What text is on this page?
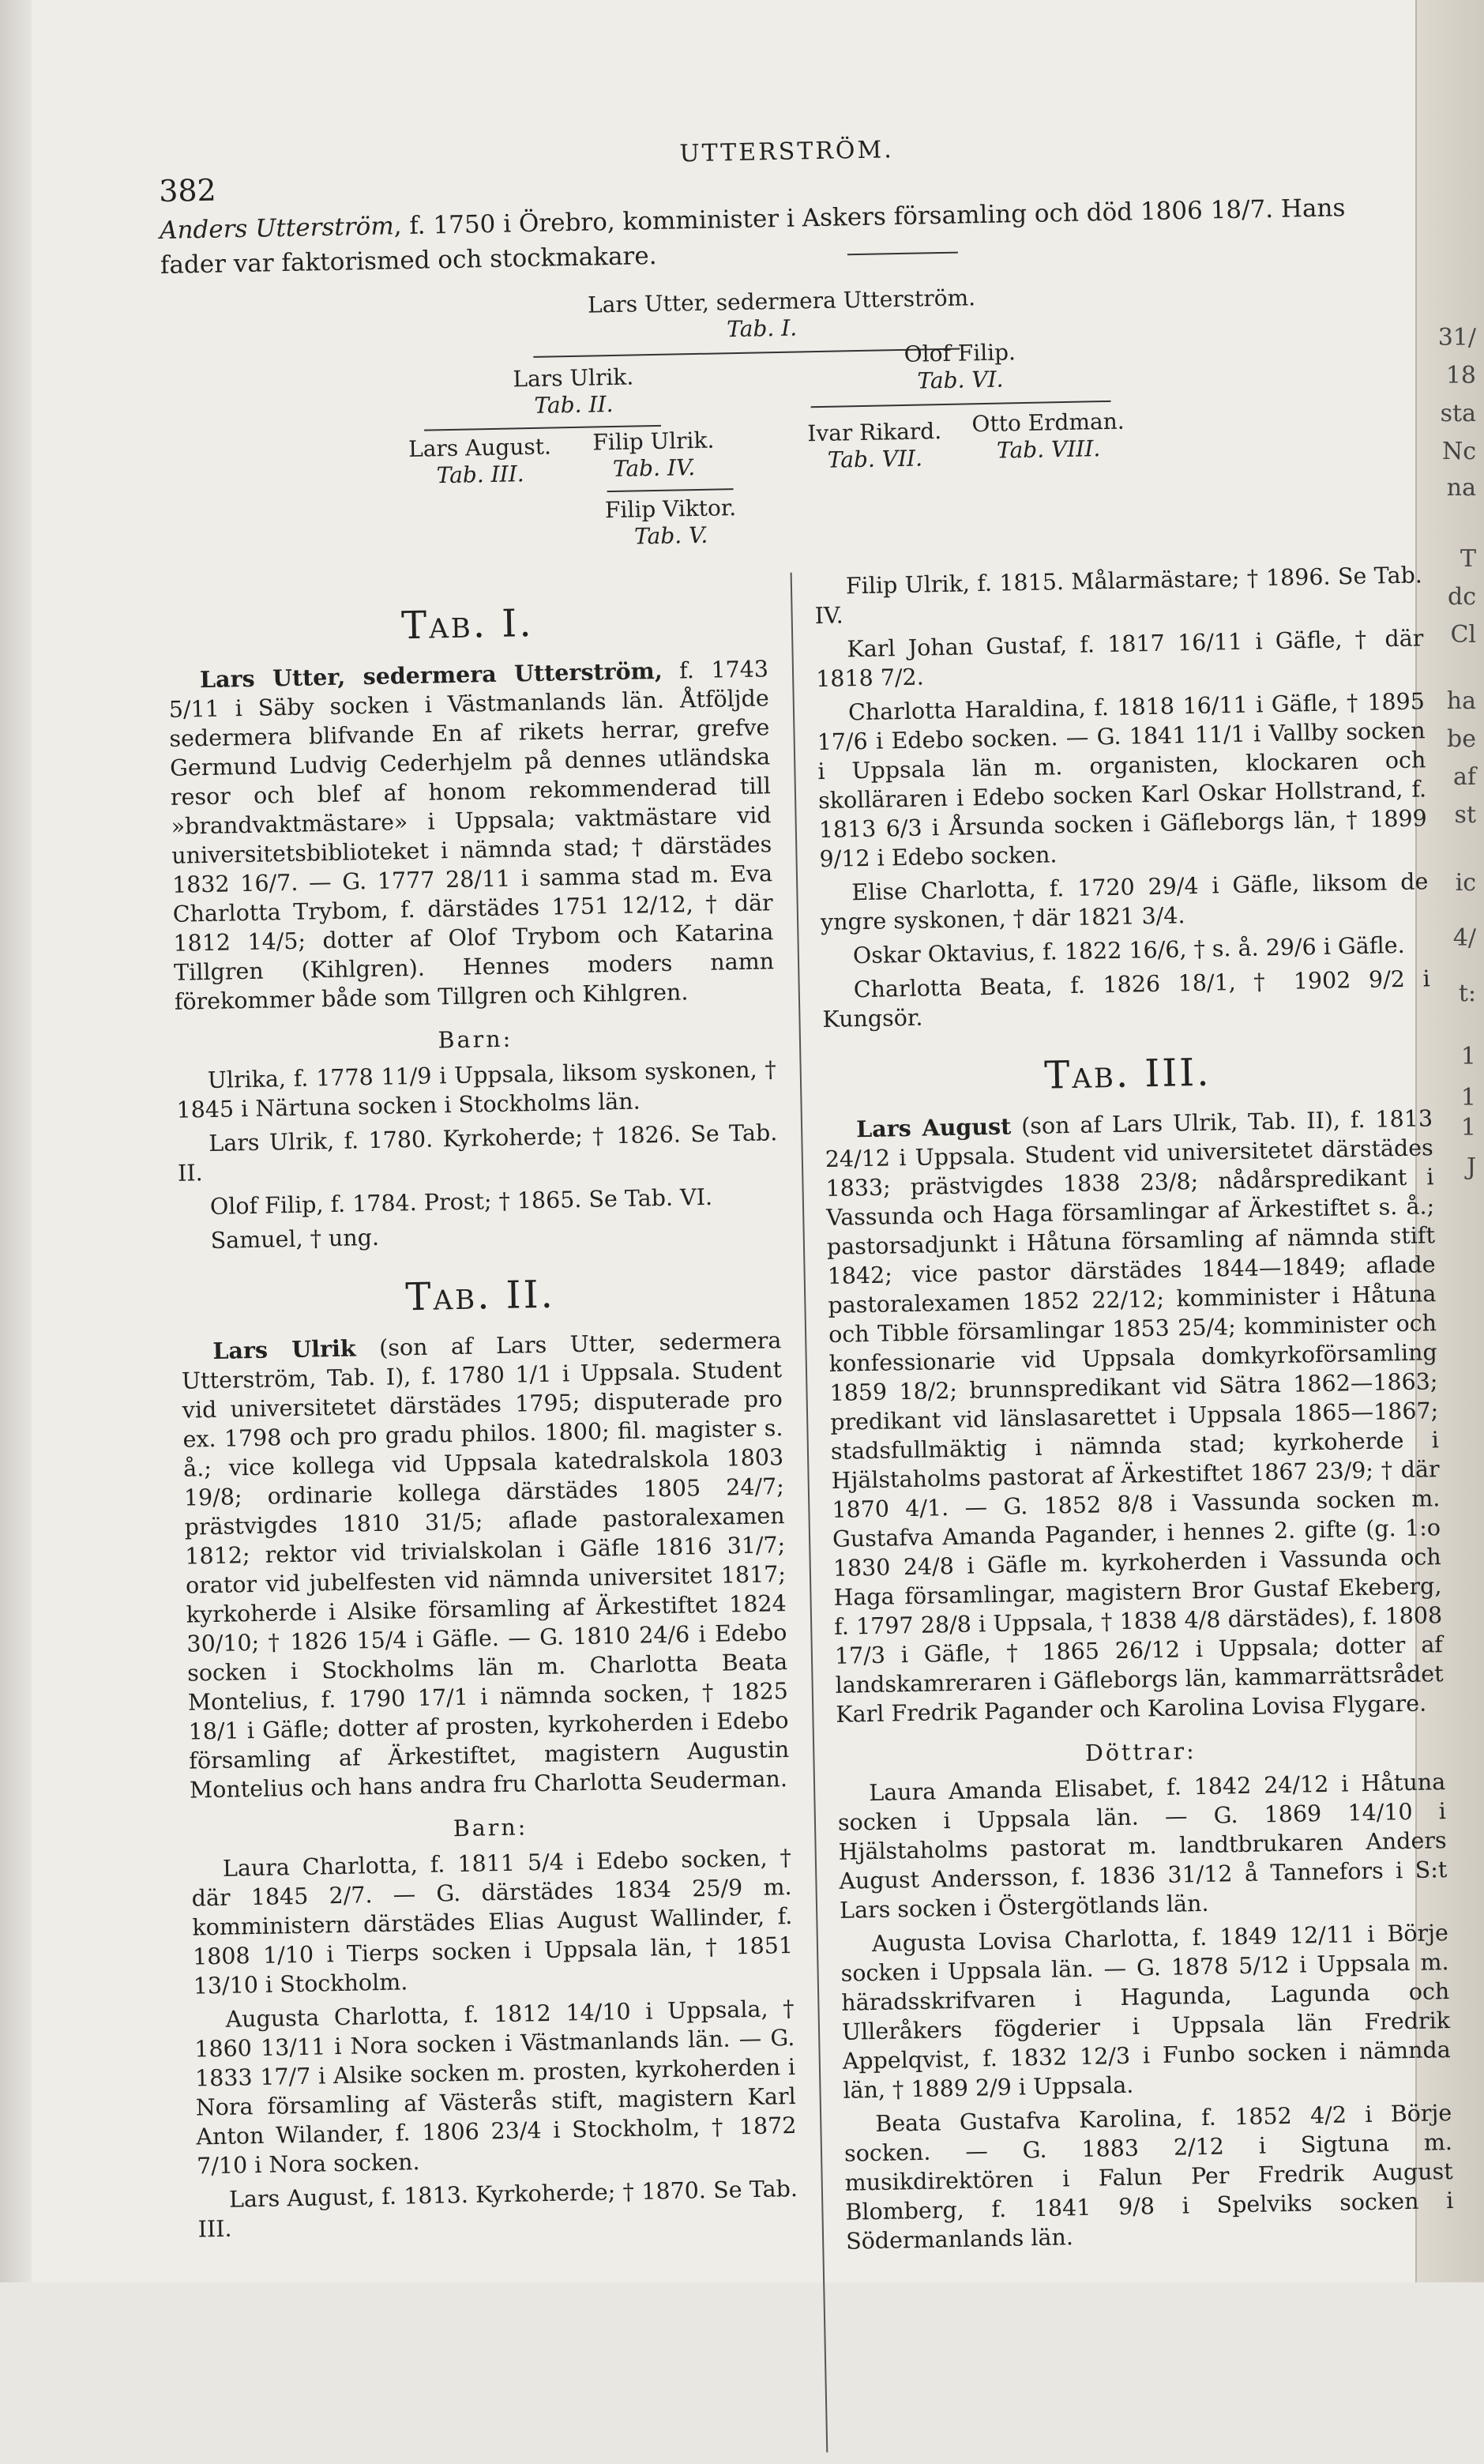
31/
18
sta
Nc
na
T
dc
Cl
ha
be
af
st
ic
4/
t:
1
1
1
J
382
UTTERSTRÖM.

Anders Utterström, f. 1750 i Örebro, komminister i Askers församling och död 1806 18/7. Hans fader var faktorismed och stockmakare.

Lars Utter, sedermera Utterström.
Tab. I.
Lars Ulrik.
Tab. II.
Olof Filip.
Tab. VI.
Lars August.
Tab. III.
Filip Ulrik.
Tab. IV.
Ivar Rikard.
Tab. VII.
Otto Erdman.
Tab. VIII.
Filip Viktor.
Tab. V.
Tab. I.

Lars Utter, sedermera Utterström, f. 1743 5/11 i Säby socken i Västmanlands län. Åtföljde sedermera blifvande En af rikets herrar, grefve Germund Ludvig Cederhjelm på dennes utländska resor och blef af honom rekommenderad till »brandvaktmästare» i Uppsala; vaktmästare vid universitetsbiblioteket i nämnda stad; † därstädes 1832 16/7. — G. 1777 28/11 i samma stad m. Eva Charlotta Trybom, f. därstädes 1751 12/12, † där 1812 14/5; dotter af Olof Trybom och Katarina Tillgren (Kihlgren). Hennes moders namn förekommer både som Tillgren och Kihlgren.

Barn:

Ulrika, f. 1778 11/9 i Uppsala, liksom syskonen, † 1845 i Närtuna socken i Stockholms län.

Lars Ulrik, f. 1780. Kyrkoherde; † 1826. Se Tab. II.

Olof Filip, f. 1784. Prost; † 1865. Se Tab. VI.

Samuel, † ung.

Tab. II.

Lars Ulrik (son af Lars Utter, sedermera Utterström, Tab. I), f. 1780 1/1 i Uppsala. Student vid universitetet därstädes 1795; disputerade pro ex. 1798 och pro gradu philos. 1800; fil. magister s. å.; vice kollega vid Uppsala katedralskola 1803 19/8; ordinarie kollega därstädes 1805 24/7; prästvigdes 1810 31/5; aflade pastoralexamen 1812; rektor vid trivialskolan i Gäfle 1816 31/7; orator vid jubelfesten vid nämnda universitet 1817; kyrkoherde i Alsike församling af Ärkestiftet 1824 30/10; † 1826 15/4 i Gäfle. — G. 1810 24/6 i Edebo socken i Stockholms län m. Charlotta Beata Montelius, f. 1790 17/1 i nämnda socken, † 1825 18/1 i Gäfle; dotter af prosten, kyrkoherden i Edebo församling af Ärkestiftet, magistern Augustin Montelius och hans andra fru Charlotta Seuderman.

Barn:

Laura Charlotta, f. 1811 5/4 i Edebo socken, † där 1845 2/7. — G. därstädes 1834 25/9 m. komministern därstädes Elias August Wallinder, f. 1808 1/10 i Tierps socken i Uppsala län, † 1851 13/10 i Stockholm.

Augusta Charlotta, f. 1812 14/10 i Uppsala, † 1860 13/11 i Nora socken i Västmanlands län. — G. 1833 17/7 i Alsike socken m. prosten, kyrkoherden i Nora församling af Västerås stift, magistern Karl Anton Wilander, f. 1806 23/4 i Stockholm, † 1872 7/10 i Nora socken.

Lars August, f. 1813. Kyrkoherde; † 1870. Se Tab. III.

Filip Ulrik, f. 1815. Målarmästare; † 1896. Se Tab. IV.

Karl Johan Gustaf, f. 1817 16/11 i Gäfle, † där 1818 7/2.

Charlotta Haraldina, f. 1818 16/11 i Gäfle, † 1895 17/6 i Edebo socken. — G. 1841 11/1 i Vallby socken i Uppsala län m. organisten, klockaren och skolläraren i Edebo socken Karl Oskar Hollstrand, f. 1813 6/3 i Årsunda socken i Gäfleborgs län, † 1899 9/12 i Edebo socken.

Elise Charlotta, f. 1720 29/4 i Gäfle, liksom de yngre syskonen, † där 1821 3/4.

Oskar Oktavius, f. 1822 16/6, † s. å. 29/6 i Gäfle.

Charlotta Beata, f. 1826 18/1, † 1902 9/2 i Kungsör.

Tab. III.

Lars August (son af Lars Ulrik, Tab. II), f. 1813 24/12 i Uppsala. Student vid universitetet därstädes 1833; prästvigdes 1838 23/8; nådårspredikant i Vassunda och Haga församlingar af Ärkestiftet s. å.; pastorsadjunkt i Håtuna församling af nämnda stift 1842; vice pastor därstädes 1844—1849; aflade pastoralexamen 1852 22/12; komminister i Håtuna och Tibble församlingar 1853 25/4; komminister och konfessionarie vid Uppsala domkyrkoförsamling 1859 18/2; brunnspredikant vid Sätra 1862—1863; predikant vid länslasarettet i Uppsala 1865—1867; stadsfullmäktig i nämnda stad; kyrkoherde i Hjälstaholms pastorat af Ärkestiftet 1867 23/9; † där 1870 4/1. — G. 1852 8/8 i Vassunda socken m. Gustafva Amanda Pagander, i hennes 2. gifte (g. 1:o 1830 24/8 i Gäfle m. kyrkoherden i Vassunda och Haga församlingar, magistern Bror Gustaf Ekeberg, f. 1797 28/8 i Uppsala, † 1838 4/8 därstädes), f. 1808 17/3 i Gäfle, † 1865 26/12 i Uppsala; dotter af landskamreraren i Gäfleborgs län, kammarrättsrådet Karl Fredrik Pagander och Karolina Lovisa Flygare.

Döttrar:

Laura Amanda Elisabet, f. 1842 24/12 i Håtuna socken i Uppsala län. — G. 1869 14/10 i Hjälstaholms pastorat m. landtbrukaren Anders August Andersson, f. 1836 31/12 å Tannefors i S:t Lars socken i Östergötlands län.

Augusta Lovisa Charlotta, f. 1849 12/11 i Börje socken i Uppsala län. — G. 1878 5/12 i Uppsala m. häradsskrifvaren i Hagunda, Lagunda och Ulleråkers fögderier i Uppsala län Fredrik Appelqvist, f. 1832 12/3 i Funbo socken i nämnda län, † 1889 2/9 i Uppsala.

Beata Gustafva Karolina, f. 1852 4/2 i Börje socken. — G. 1883 2/12 i Sigtuna m. musikdirektören i Falun Per Fredrik August Blomberg, f. 1841 9/8 i Spelviks socken i Södermanlands län.
